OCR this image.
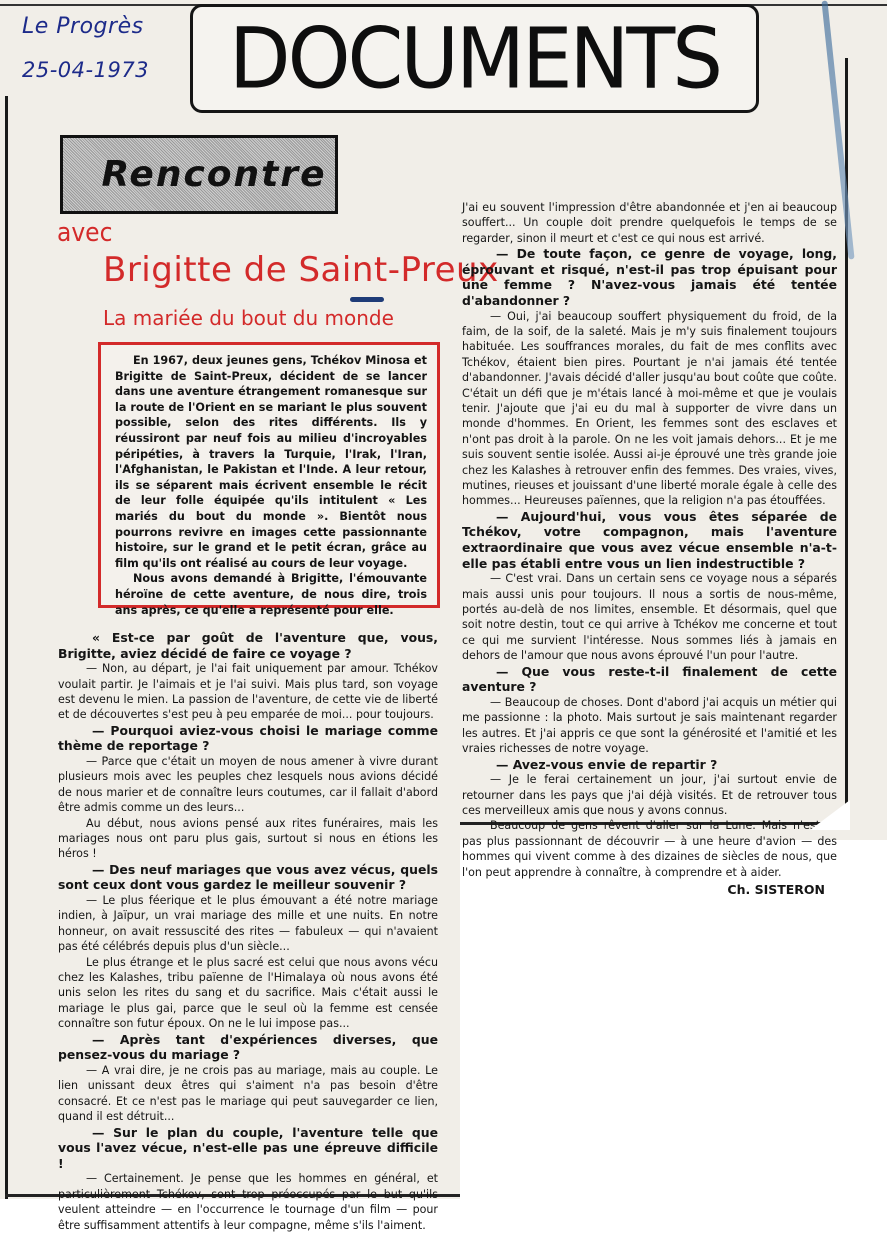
Le Progrès
25-04-1973 DOCUMENTS
Rencontre
avec
Brigitte de Saint-Preux
La mariée du bout du monde

En 1967, deux jeunes gens, Tchékov Minosa et Brigitte de Saint-Preux, décident de se lancer dans une aventure étrangement romanesque sur la route de l'Orient en se mariant le plus souvent possible, selon des rites différents. Ils y réussiront par neuf fois au milieu d'incroyables péripéties, à travers la Turquie, l'Irak, l'Iran, l'Afghanistan, le Pakistan et l'Inde. A leur retour, ils se séparent mais écrivent ensemble le récit de leur folle équipée qu'ils intitulent « Les mariés du bout du monde ». Bientôt nous pourrons revivre en images cette passionnante histoire, sur le grand et le petit écran, grâce au film qu'ils ont réalisé au cours de leur voyage.

Nous avons demandé à Brigitte, l'émouvante héroïne de cette aventure, de nous dire, trois ans après, ce qu'elle a représenté pour elle.

« Est-ce par goût de l'aventure que, vous, Brigitte, aviez décidé de faire ce voyage ?

— Non, au départ, je l'ai fait uniquement par amour. Tchékov voulait partir. Je l'aimais et je l'ai suivi. Mais plus tard, son voyage est devenu le mien. La passion de l'aventure, de cette vie de liberté et de découvertes s'est peu à peu emparée de moi... pour toujours.

— Pourquoi aviez-vous choisi le mariage comme thème de reportage ?

— Parce que c'était un moyen de nous amener à vivre durant plusieurs mois avec les peuples chez lesquels nous avions décidé de nous marier et de connaître leurs coutumes, car il fallait d'abord être admis comme un des leurs...

Au début, nous avions pensé aux rites funéraires, mais les mariages nous ont paru plus gais, surtout si nous en étions les héros !

— Des neuf mariages que vous avez vécus, quels sont ceux dont vous gardez le meilleur souvenir ?

— Le plus féerique et le plus émouvant a été notre mariage indien, à Jaïpur, un vrai mariage des mille et une nuits. En notre honneur, on avait ressuscité des rites — fabuleux — qui n'avaient pas été célébrés depuis plus d'un siècle...

Le plus étrange et le plus sacré est celui que nous avons vécu chez les Kalashes, tribu païenne de l'Himalaya où nous avons été unis selon les rites du sang et du sacrifice. Mais c'était aussi le mariage le plus gai, parce que le seul où la femme est censée connaître son futur époux. On ne le lui impose pas...

— Après tant d'expériences diverses, que pensez-vous du mariage ?

— A vrai dire, je ne crois pas au mariage, mais au couple. Le lien unissant deux êtres qui s'aiment n'a pas besoin d'être consacré. Et ce n'est pas le mariage qui peut sauvegarder ce lien, quand il est détruit...

— Sur le plan du couple, l'aventure telle que vous l'avez vécue, n'est-elle pas une épreuve difficile !

— Certainement. Je pense que les hommes en général, et particulièrement Tchékov, sont trop préoccupés par le but qu'ils veulent atteindre — en l'occurrence le tournage d'un film — pour être suffisamment attentifs à leur compagne, même s'ils l'aiment.

J'ai eu souvent l'impression d'être abandonnée et j'en ai beaucoup souffert... Un couple doit prendre quelquefois le temps de se regarder, sinon il meurt et c'est ce qui nous est arrivé.

— De toute façon, ce genre de voyage, long, éprouvant et risqué, n'est-il pas trop épuisant pour une femme ? N'avez-vous jamais été tentée d'abandonner ?

— Oui, j'ai beaucoup souffert physiquement du froid, de la faim, de la soif, de la saleté. Mais je m'y suis finalement toujours habituée. Les souffrances morales, du fait de mes conflits avec Tchékov, étaient bien pires. Pourtant je n'ai jamais été tentée d'abandonner. J'avais décidé d'aller jusqu'au bout coûte que coûte. C'était un défi que je m'étais lancé à moi-même et que je voulais tenir. J'ajoute que j'ai eu du mal à supporter de vivre dans un monde d'hommes. En Orient, les femmes sont des esclaves et n'ont pas droit à la parole. On ne les voit jamais dehors... Et je me suis souvent sentie isolée. Aussi ai-je éprouvé une très grande joie chez les Kalashes à retrouver enfin des femmes. Des vraies, vives, mutines, rieuses et jouissant d'une liberté morale égale à celle des hommes... Heureuses païennes, que la religion n'a pas étouffées.

— Aujourd'hui, vous vous êtes séparée de Tchékov, votre compagnon, mais l'aventure extraordinaire que vous avez vécue ensemble n'a-t-elle pas établi entre vous un lien indestructible ?

— C'est vrai. Dans un certain sens ce voyage nous a séparés mais aussi unis pour toujours. Il nous a sortis de nous-même, portés au-delà de nos limites, ensemble. Et désormais, quel que soit notre destin, tout ce qui arrive à Tchékov me concerne et tout ce qui me survient l'intéresse. Nous sommes liés à jamais en dehors de l'amour que nous avons éprouvé l'un pour l'autre.

— Que vous reste-t-il finalement de cette aventure ?

— Beaucoup de choses. Dont d'abord j'ai acquis un métier qui me passionne : la photo. Mais surtout je sais maintenant regarder les autres. Et j'ai appris ce que sont la générosité et l'amitié et les vraies richesses de notre voyage.

— Avez-vous envie de repartir ?

— Je le ferai certainement un jour, j'ai surtout envie de retourner dans les pays que j'ai déjà visités. Et de retrouver tous ces merveilleux amis que nous y avons connus.

Beaucoup de gens rêvent d'aller sur la Lune. Mais n'est-ce pas plus passionnant de découvrir — à une heure d'avion — des hommes qui vivent comme à des dizaines de siècles de nous, que l'on peut apprendre à connaître, à comprendre et à aider.

Ch. SISTERON
